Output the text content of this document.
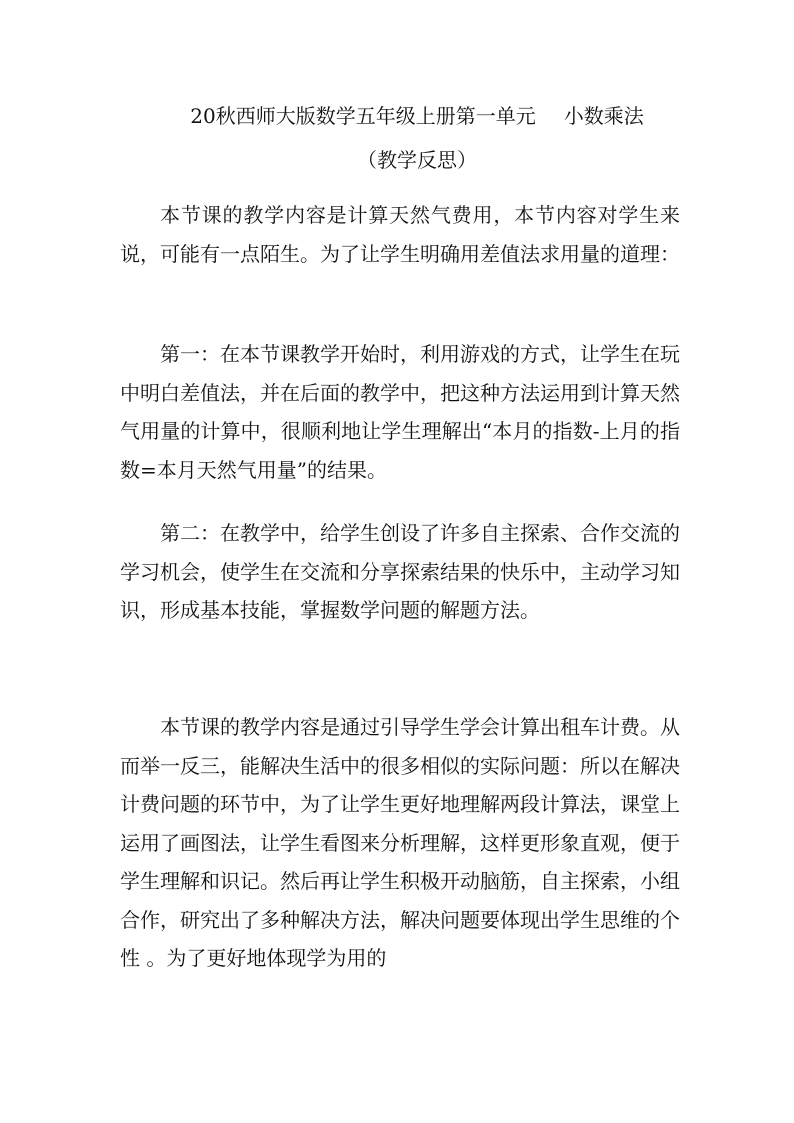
20秋西师大版数学五年级上册第一单元 小数乘法
（教学反思）

本节课的教学内容是计算天然气费用，本节内容对学生来说，可能有一点陌生。为了让学生明确用差值法求用量的道理：

第一：在本节课教学开始时，利用游戏的方式，让学生在玩中明白差值法，并在后面的教学中，把这种方法运用到计算天然气用量的计算中，很顺利地让学生理解出“本月的指数-上月的指数=本月天然气用量”的结果。

第二：在教学中，给学生创设了许多自主探索、合作交流的学习机会，使学生在交流和分享探索结果的快乐中，主动学习知识，形成基本技能，掌握数学问题的解题方法。

本节课的教学内容是通过引导学生学会计算出租车计费。从而举一反三，能解决生活中的很多相似的实际问题：所以在解决计费问题的环节中，为了让学生更好地理解两段计算法，课堂上运用了画图法，让学生看图来分析理解，这样更形象直观，便于学生理解和识记。然后再让学生积极开动脑筋，自主探索，小组合作，研究出了多种解决方法，解决问题要体现出学生思维的个性 。为了更好地体现学为用的
